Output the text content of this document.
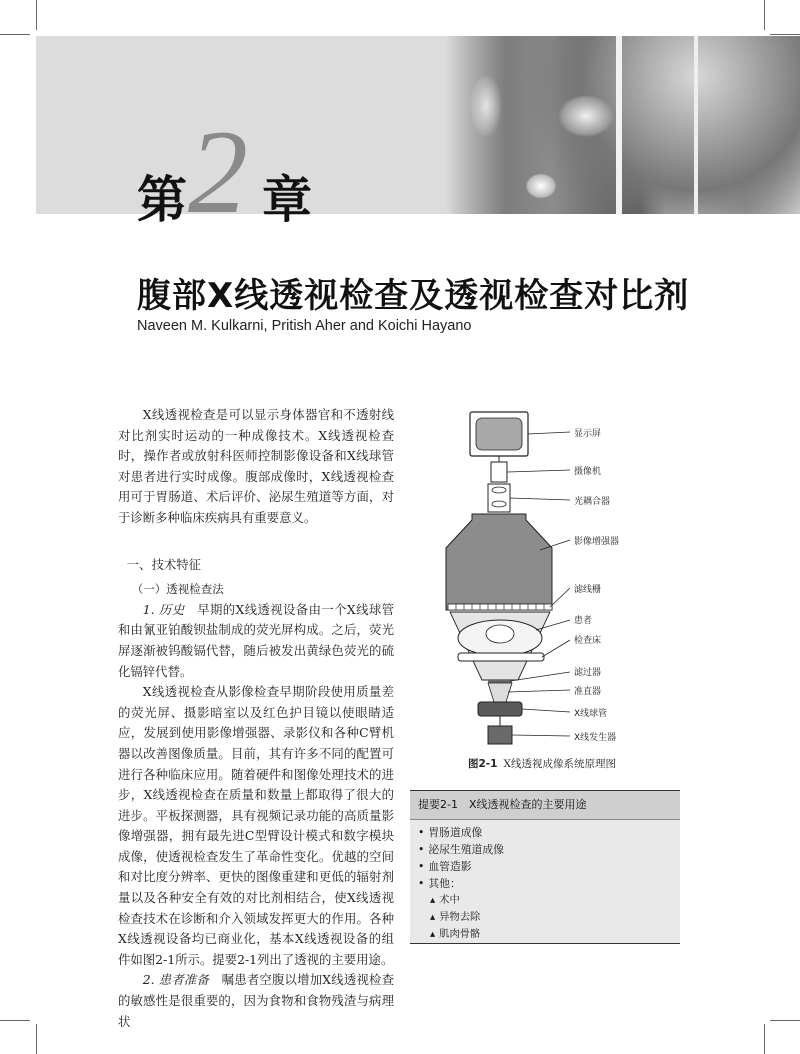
第 2 章
腹部X线透视检查及透视检查对比剂
Naveen M. Kulkarni, Pritish Aher and Koichi Hayano

X线透视检查是可以显示身体器官和不透射线对比剂实时运动的一种成像技术。X线透视检查时，操作者或放射科医师控制影像设备和X线球管对患者进行实时成像。腹部成像时，X线透视检查用可于胃肠道、术后评价、泌尿生殖道等方面，对于诊断多种临床疾病具有重要意义。

一、技术特征

（一）透视检查法

1. 历史　 早期的X线透视设备由一个X线球管和由氰亚铂酸钡盐制成的荧光屏构成。之后，荧光屏逐渐被钨酸镉代替，随后被发出黄绿色荧光的硫化镉锌代替。

X线透视检查从影像检查早期阶段使用质量差的荧光屏、摄影暗室以及红色护目镜以使眼睛适应，发展到使用影像增强器、录影仪和各种C臂机器以改善图像质量。目前，其有许多不同的配置可进行各种临床应用。随着硬件和图像处理技术的进步，X线透视检查在质量和数量上都取得了很大的进步。平板探测器，具有视频记录功能的高质量影像增强器，拥有最先进C型臂设计模式和数字模块成像，使透视检查发生了革命性变化。优越的空间和对比度分辨率、更快的图像重建和更低的辐射剂量以及各种安全有效的对比剂相结合，使X线透视检查技术在诊断和介入领域发挥更大的作用。各种X线透视设备均已商业化，基本X线透视设备的组件如图2-1所示。提要2-1列出了透视的主要用途。

2. 患者准备　 嘱患者空腹以增加X线透视检查的敏感性是很重要的，因为食物和食物残渣与病理状

显示屏
摄像机
光耦合器
影像增强器
滤线栅
患者
检查床
滤过器
准直器
X线球管
X线发生器
图2-1 X线透视成像系统原理图
提要2-1　X线透视检查的主要用途
• 胃肠道成像
• 泌尿生殖道成像
• 血管造影
• 其他：
▴ 术中
▴ 异物去除
▴ 肌肉骨骼
